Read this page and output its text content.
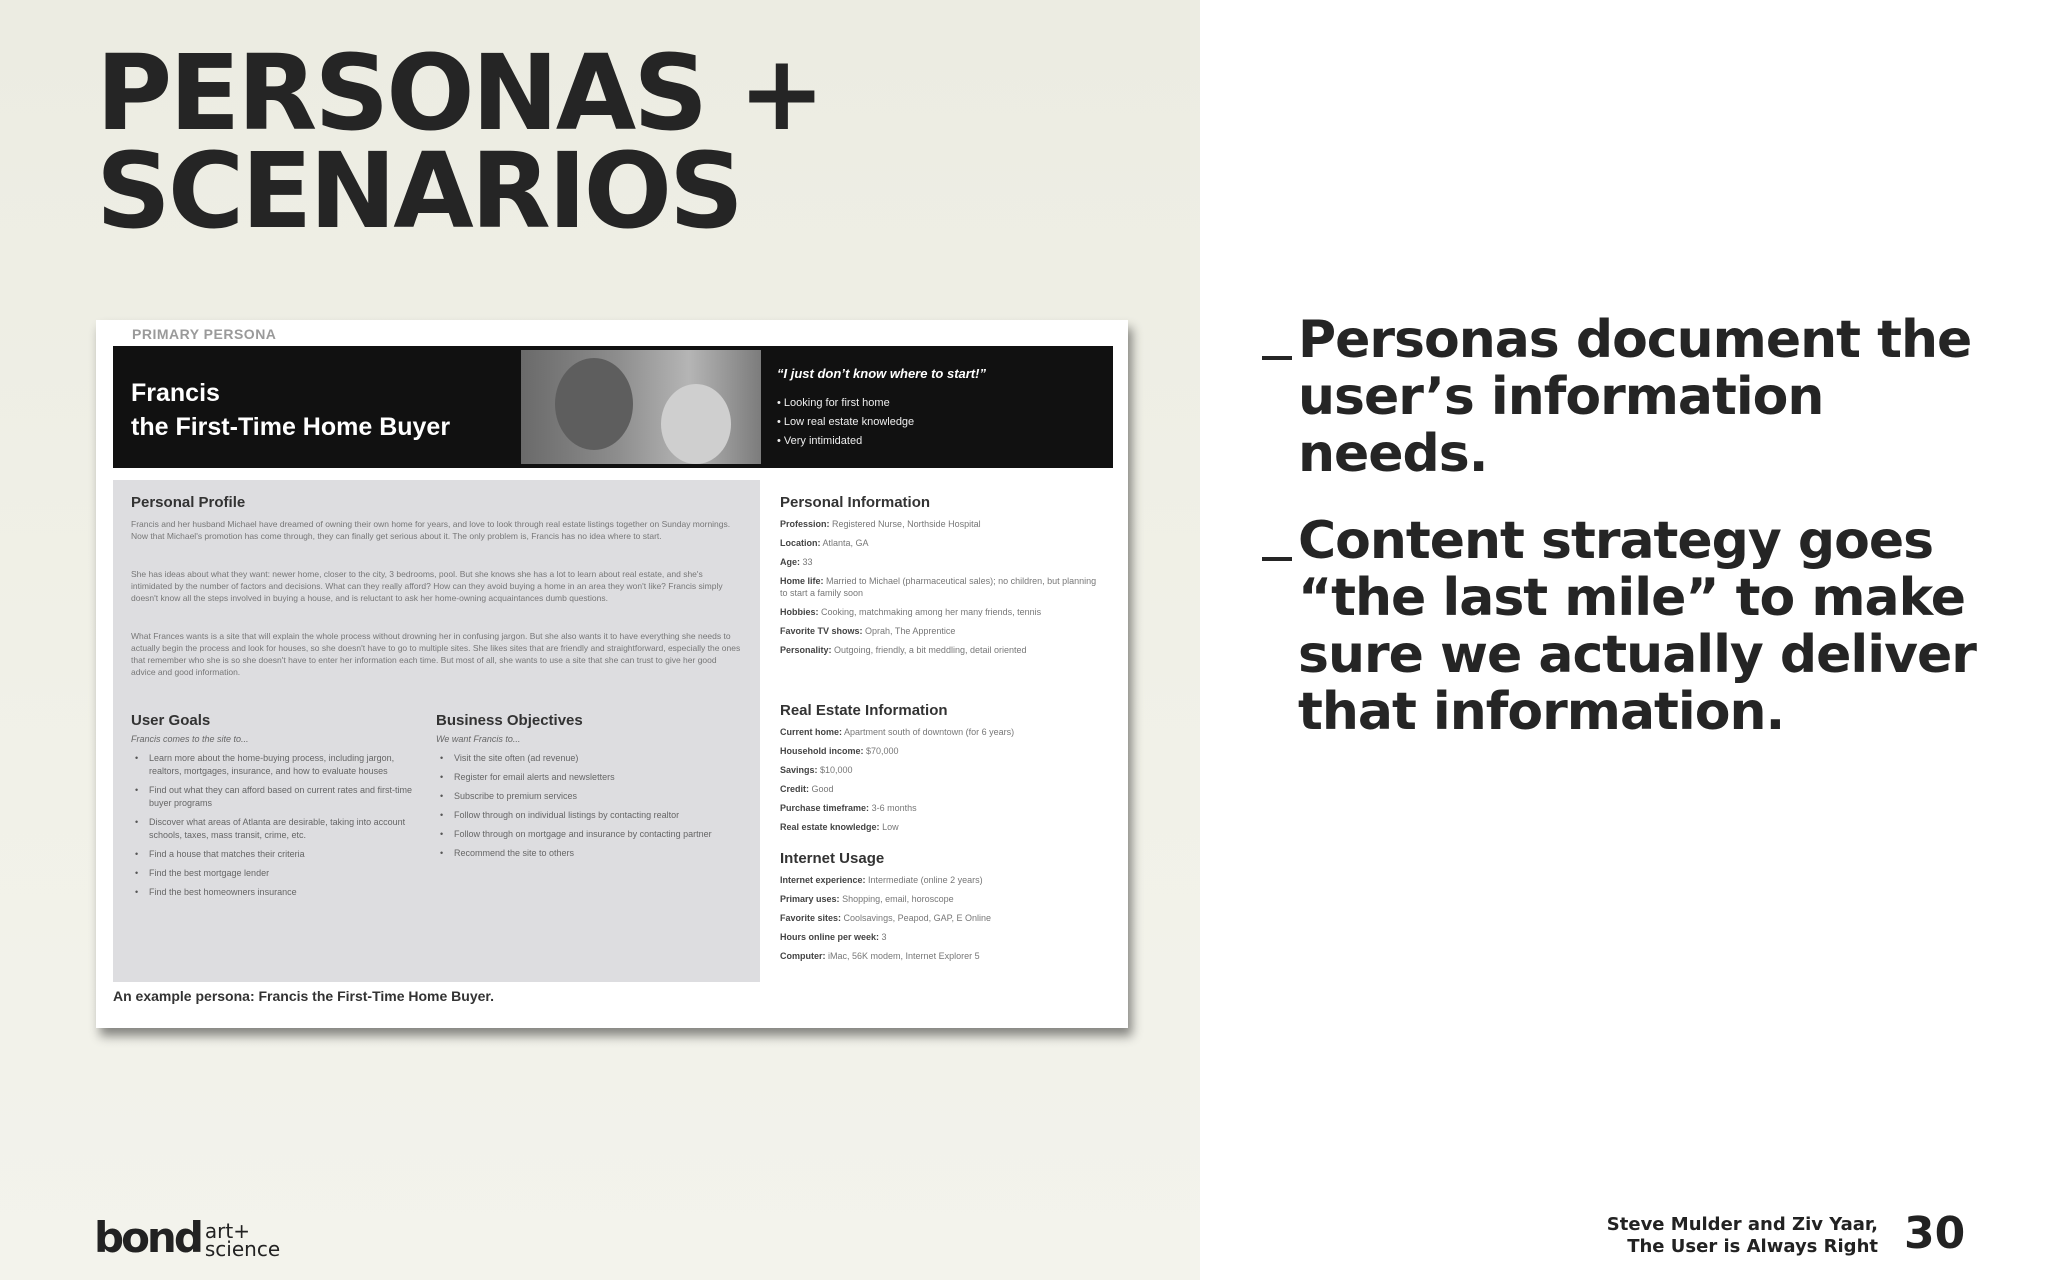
PERSONAS +
SCENARIOS
PRIMARY PERSONA
Francis
the First-Time Home Buyer
“I just don’t know where to start!”
• Looking for first home
• Low real estate knowledge
• Very intimidated
Personal Profile

Francis and her husband Michael have dreamed of owning their own home for years, and love to look through real estate listings together on Sunday mornings. Now that Michael's promotion has come through, they can finally get serious about it. The only problem is, Francis has no idea where to start.

She has ideas about what they want: newer home, closer to the city, 3 bedrooms, pool. But she knows she has a lot to learn about real estate, and she's intimidated by the number of factors and decisions. What can they really afford? How can they avoid buying a home in an area they won't like? Francis simply doesn't know all the steps involved in buying a house, and is reluctant to ask her home-owning acquaintances dumb questions.

What Frances wants is a site that will explain the whole process without drowning her in confusing jargon. But she also wants it to have everything she needs to actually begin the process and look for houses, so she doesn't have to go to multiple sites. She likes sites that are friendly and straightforward, especially the ones that remember who she is so she doesn't have to enter her information each time. But most of all, she wants to use a site that she can trust to give her good advice and good information.

User Goals
Francis comes to the site to...
• Learn more about the home-buying process, including jargon, realtors, mortgages, insurance, and how to evaluate houses
• Find out what they can afford based on current rates and first-time buyer programs
• Discover what areas of Atlanta are desirable, taking into account schools, taxes, mass transit, crime, etc.
• Find a house that matches their criteria
• Find the best mortgage lender
• Find the best homeowners insurance
Business Objectives
We want Francis to...
• Visit the site often (ad revenue)
• Register for email alerts and newsletters
• Subscribe to premium services
• Follow through on individual listings by contacting realtor
• Follow through on mortgage and insurance by contacting partner
• Recommend the site to others
Personal Information
Profession: Registered Nurse, Northside Hospital
Location: Atlanta, GA
Age: 33
Home life: Married to Michael (pharmaceutical sales); no children, but planning to start a family soon
Hobbies: Cooking, matchmaking among her many friends, tennis
Favorite TV shows: Oprah, The Apprentice
Personality: Outgoing, friendly, a bit meddling, detail oriented
Real Estate Information
Current home: Apartment south of downtown (for 6 years)
Household income: $70,000
Savings: $10,000
Credit: Good
Purchase timeframe: 3-6 months
Real estate knowledge: Low
Internet Usage
Internet experience: Intermediate (online 2 years)
Primary uses: Shopping, email, horoscope
Favorite sites: Coolsavings, Peapod, GAP, E Online
Hours online per week: 3
Computer: iMac, 56K modem, Internet Explorer 5
An example persona: Francis the First-Time Home Buyer.
Personas document the user’s information needs.
Content strategy goes “the last mile” to make sure we actually deliver that information.
bond art+
science
Steve Mulder and Ziv Yaar,
The User is Always Right 30
